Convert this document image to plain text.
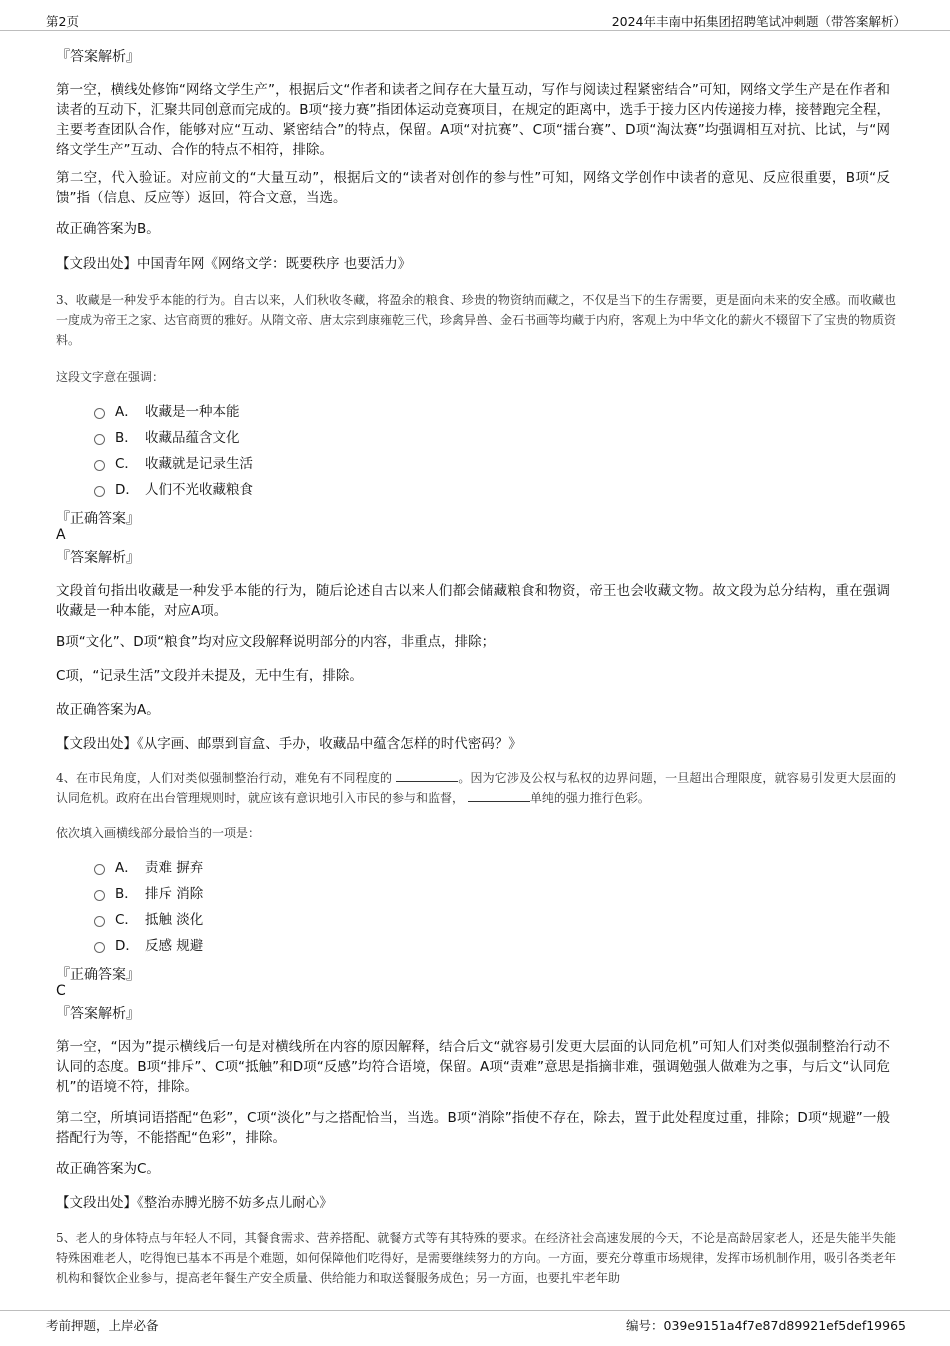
第2页	2024年丰南中拓集团招聘笔试冲刺题（带答案解析）
『答案解析』
第一空，横线处修饰“网络文学生产”，根据后文“作者和读者之间存在大量互动，写作与阅读过程紧密结合”可知，网络文学生产是在作者和读者的互动下，汇聚共同创意而完成的。B项“接力赛”指团体运动竞赛项目，在规定的距离中，选手于接力区内传递接力棒，接替跑完全程，主要考查团队合作，能够对应“互动、紧密结合”的特点，保留。A项“对抗赛”、C项“擂台赛”、D项“淘汰赛”均强调相互对抗、比试，与“网络文学生产”互动、合作的特点不相符，排除。
第二空，代入验证。对应前文的“大量互动”，根据后文的“读者对创作的参与性”可知，网络文学创作中读者的意见、反应很重要，B项“反馈”指（信息、反应等）返回，符合文意，当选。
故正确答案为B。
【文段出处】中国青年网《网络文学：既要秩序 也要活力》
3、收藏是一种发乎本能的行为。自古以来，人们秋收冬藏，将盈余的粮食、珍贵的物资纳而藏之，不仅是当下的生存需要，更是面向未来的安全感。而收藏也一度成为帝王之家、达官商贾的雅好。从隋文帝、唐太宗到康雍乾三代，珍禽异兽、金石书画等均藏于内府，客观上为中华文化的薪火不辍留下了宝贵的物质资料。
这段文字意在强调：
A． 收藏是一种本能
B． 收藏品蕴含文化
C． 收藏就是记录生活
D． 人们不光收藏粮食
『正确答案』
A
『答案解析』
文段首句指出收藏是一种发乎本能的行为，随后论述自古以来人们都会储藏粮食和物资，帝王也会收藏文物。故文段为总分结构，重在强调收藏是一种本能，对应A项。
B项“文化”、D项“粮食”均对应文段解释说明部分的内容，非重点，排除；
C项，“记录生活”文段并未提及，无中生有，排除。
故正确答案为A。
【文段出处】《从字画、邮票到盲盒、手办，收藏品中蕴含怎样的时代密码？》
4、在市民角度，人们对类似强制整治行动，难免有不同程度的	。因为它涉及公权与私权的边界问题，一旦超出合理限度，就容易引发更大层面的认同危机。政府在出台管理规则时，就应该有意识地引入市民的参与和监督，	单纯的强力推行色彩。
依次填入画横线部分最恰当的一项是：
A． 责难 摒弃
B． 排斥 消除
C． 抵触 淡化
D． 反感 规避
『正确答案』
C
『答案解析』
第一空，“因为”提示横线后一句是对横线所在内容的原因解释，结合后文“就容易引发更大层面的认同危机”可知人们对类似强制整治行动不认同的态度。B项“排斥”、C项“抵触”和D项“反感”均符合语境，保留。A项“责难”意思是指摘非难，强调勉强人做难为之事，与后文“认同危机”的语境不符，排除。
第二空，所填词语搭配“色彩”，C项“淡化”与之搭配恰当，当选。B项“消除”指使不存在，除去，置于此处程度过重，排除；D项“规避”一般搭配行为等，不能搭配“色彩”，排除。
故正确答案为C。
【文段出处】《整治赤膊光膀不妨多点儿耐心》
5、老人的身体特点与年轻人不同，其餐食需求、营养搭配、就餐方式等有其特殊的要求。在经济社会高速发展的今天，不论是高龄居家老人，还是失能半失能特殊困难老人，吃得饱已基本不再是个难题，如何保障他们吃得好，是需要继续努力的方向。一方面，要充分尊重市场规律，发挥市场机制作用，吸引各类老年机构和餐饮企业参与，提高老年餐生产安全质量、供给能力和取送餐服务成色；另一方面，也要扎牢老年助
考前押题，上岸必备	编号：039e9151a4f7e87d89921ef5def19965
